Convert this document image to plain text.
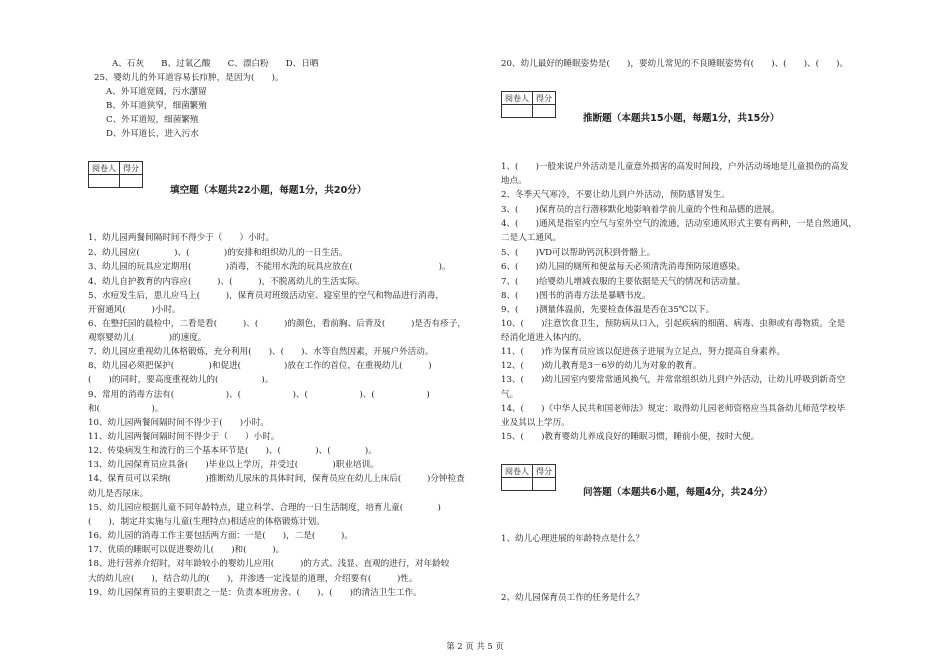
A、石灰　　B、过氧乙酸　　C、漂白粉　　D、日晒
25、婴幼儿的外耳道容易长疖肿，是因为(　　)。
A、外耳道宽阔，污水潴留
B、外耳道狭窄，细菌繁殖
C、外耳道短，细菌繁殖
D、外耳道长，进入污水
阅卷人	得分

填空题（本题共22小题，每题1分，共20分）
1、幼儿园两餐间隔时间不得少于（　　）小时。
2、幼儿园应(　　　　)、(　　　　)的安排和组织幼儿的一日生活。
3、幼儿园的玩具应定期用(　　　　)消毒，不能用水洗的玩具应放在(　　　　　　　　　　)。
4、幼儿自护教育的内容应(　　　)、(　　　)，不脱离幼儿的生活实际。
5、水痘发生后，患儿应马上(　　　)，保育员对班级活动室、寝室里的空气和物品进行消毒，
开窗通风(　　　)小时。
6、在整托园的晨检中，二看是看(　　　)、(　　　)的颜色，看前胸、后背及(　　　)是否有疹子，
观察婴幼儿(　　　　)的速度。
7、幼儿园应重视幼儿体格锻炼，充分利用(　　)、(　　)、水等自然因素，开展户外活动。
8、幼儿园必须把保护(　　　　)和促进(　　　　　)放在工作的首位，在重视幼儿(　　　)
(　　)的同时，要高度重视幼儿的(　　　　　)。
9、常用的消毒方法有(　　　　　　)、(　　　　　　)、(　　　　　　)、(　　　　　　)
和(　　　　　　)。
10、幼儿园两餐间隔时间不得少于(　　)小时。
11、幼儿园两餐间隔时间不得少于（　　）小时。
12、传染病发生和流行的三个基本环节是(　　)、(　　　　)、(　　　　)。
13、幼儿园保育员应具备(　　)毕业以上学历，并受过(　　　　)职业培训。
14、保育员可以采纳(　　　　)推断幼儿尿床的具体时间，保育员应在幼儿上床后(　　　)分钟检查
幼儿是否尿床。
15、幼儿园应根据儿童不同年龄特点，建立科学、合理的一日生活制度，培育儿童(　　　　)
(　　)，制定并实施与儿童(生理特点)相适应的体格锻炼计划。
16、幼儿园的消毒工作主要包括两方面：一是(　　)，二是(　　　)。
17、优质的睡眠可以促进婴幼儿(　　)和(　　　)。
18、进行营养介绍时，对年龄较小的婴幼儿应用(　　　)的方式、浅显、直观的进行，对年龄较
大的幼儿应(　　)，结合幼儿的(　　)，并渗透一定浅显的道理，介绍要有(　　　)性。
19、幼儿园保育员的主要职责之一是：负责本班房舍、(　　)、(　　)的清洁卫生工作。
20、幼儿最好的睡眠姿势是(　　)，要幼儿常见的不良睡眠姿势有(　　)、(　　)、(　　)。
阅卷人	得分

推断题（本题共15小题，每题1分，共15分）
1、(　　)一般来说户外活动是儿童意外损害的高发时间段，户外活动场地是儿童损伤的高发
地点。
2、冬季天气寒冷，不要让幼儿到户外活动，预防感冒发生。
3、(　　)保育员的言行潜移默化地影响着学前儿童的个性和品德的进展。
4、(　　)通风是指室内空气与室外空气的流通，活动室通风形式主要有两种，一是自然通风，
二是人工通风。
5、(　　)VD可以帮助钙沉积到骨骼上。
6、(　　)幼儿园的厕所和便盆每天必须清洗消毒预防尿道感染。
7、(　　)给婴幼儿增减衣服的主要依据是天气的情况和活动量。
8、(　　)图书的消毒方法是暴晒书皮。
9、(　　)测量体温前，先要检查体温是否在35℃以下。
10、(　　)注意饮食卫生，预防病从口入，引起疾病的细菌、病毒、虫卵或有毒物质。全是
经消化道进入体内的。
11、(　　)作为保育员应该以促进孩子进展为立足点，努力提高自身素养。
12、(　　)幼儿教育是3－6岁的幼儿为对象的教育。
13、(　　)幼儿园室内要常常通风换气，并常常组织幼儿到户外活动，让幼儿呼吸到新奇空
气。
14、(　　)《中华人民共和国老师法》规定：取得幼儿园老师资格应当具备幼儿师范学校毕
业及其以上学历。
15、(　　)教育婴幼儿养成良好的睡眠习惯，睡前小便，按时大便。
阅卷人	得分

问答题（本题共6小题，每题4分，共24分）
1、幼儿心理进展的年龄特点是什么？
2、幼儿园保育员工作的任务是什么？
第 2 页 共 5 页
